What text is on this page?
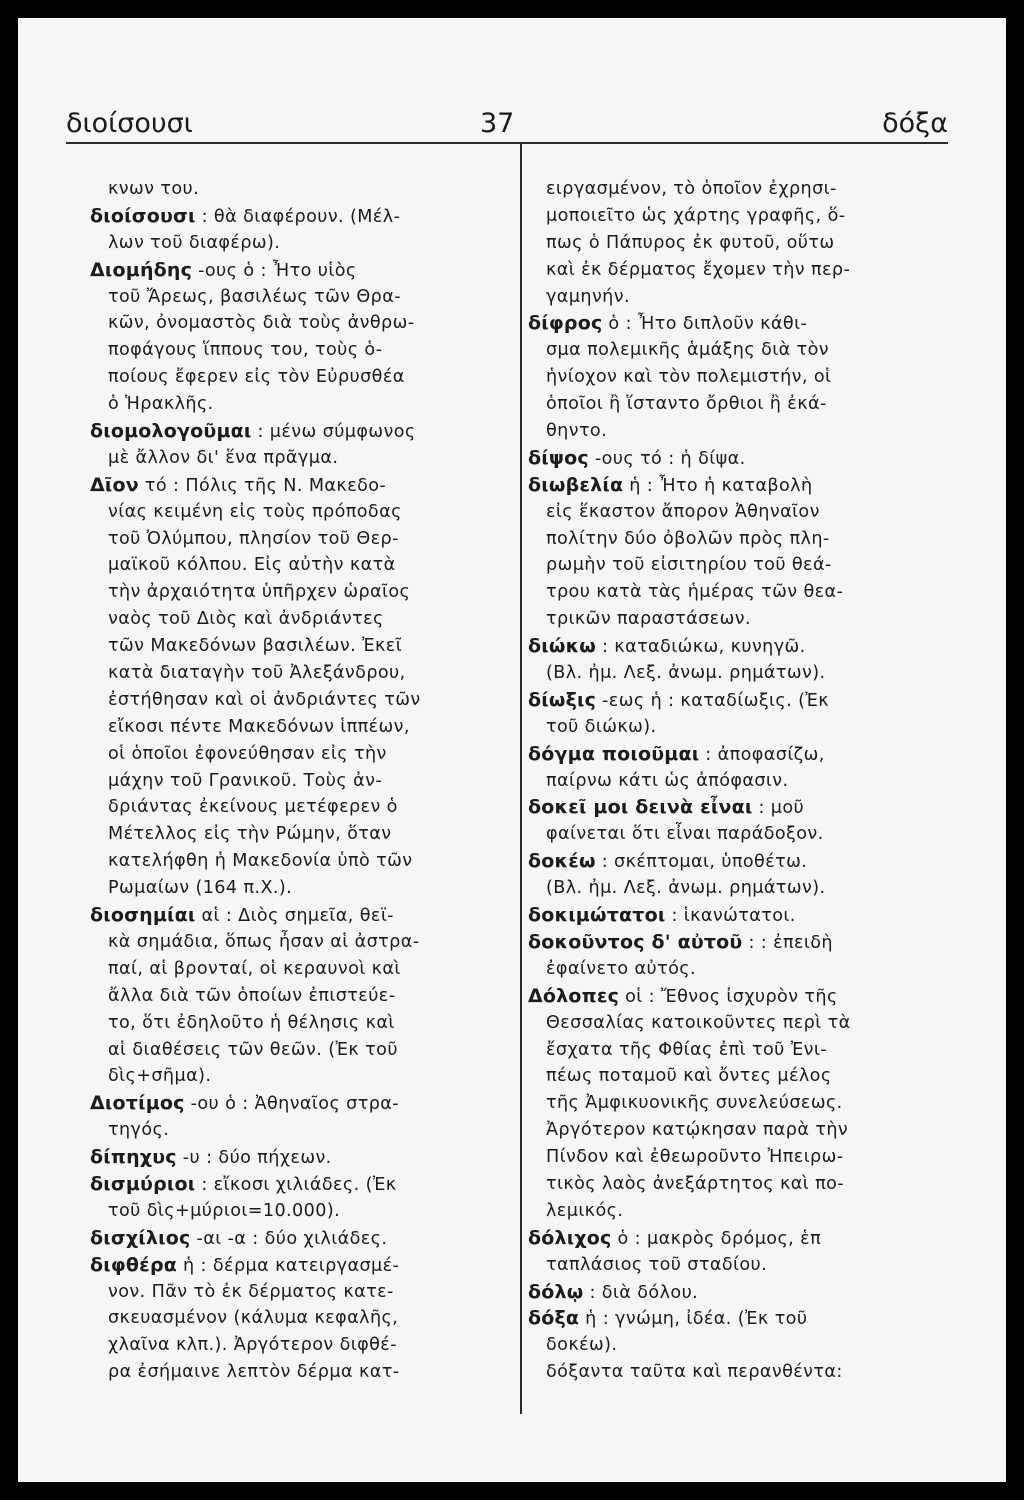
διοίσουσι	37	δόξα
κνων του.
διοίσουσι : θὰ διαφέρουν. (Μέλ-
λων τοῦ διαφέρω).
Διομήδης -ους ὁ : Ἦτο υἱὸς
τοῦ Ἄρεως, βασιλέως τῶν Θρα-
κῶν, ὀνομαστὸς διὰ τοὺς ἀνθρω-
ποφάγους ἵππους του, τοὺς ὁ-
ποίους ἔφερεν εἰς τὸν Εὐρυσθέα
ὁ Ἡρακλῆς.
διομολογοῦμαι : μένω σύμφωνος
μὲ ἄλλον δι' ἕνα πρᾶγμα.
Δῖον τό : Πόλις τῆς Ν. Μακεδο-
νίας κειμένη εἰς τοὺς πρόποδας
τοῦ Ὀλύμπου, πλησίον τοῦ Θερ-
μαϊκοῦ κόλπου. Εἰς αὐτὴν κατὰ
τὴν ἀρχαιότητα ὑπῆρχεν ὡραῖος
ναὸς τοῦ Διὸς καὶ ἀνδριάντες
τῶν Μακεδόνων βασιλέων. Ἐκεῖ
κατὰ διαταγὴν τοῦ Ἀλεξάνδρου,
ἐστήθησαν καὶ οἱ ἀνδριάντες τῶν
εἴκοσι πέντε Μακεδόνων ἱππέων,
οἱ ὁποῖοι ἐφονεύθησαν εἰς τὴν
μάχην τοῦ Γρανικοῦ. Τοὺς ἀν-
δριάντας ἐκείνους μετέφερεν ὁ
Μέτελλος εἰς τὴν Ρώμην, ὅταν
κατελήφθη ἡ Μακεδονία ὑπὸ τῶν
Ρωμαίων (164 π.Χ.).
διοσημίαι αἱ : Διὸς σημεῖα, θεϊ-
κὰ σημάδια, ὅπως ἦσαν αἱ ἀστρα-
παί, αἱ βρονταί, οἱ κεραυνοὶ καὶ
ἄλλα διὰ τῶν ὁποίων ἐπιστεύε-
το, ὅτι ἐδηλοῦτο ἡ θέλησις καὶ
αἱ διαθέσεις τῶν θεῶν. (Ἐκ τοῦ
δὶς+σῆμα).
Διοτίμος -ου ὁ : Ἀθηναῖος στρα-
τηγός.
δίπηχυς -υ : δύο πήχεων.
δισμύριοι : εἴκοσι χιλιάδες. (Ἐκ
τοῦ δὶς+μύριοι=10.000).
δισχίλιος -αι -α : δύο χιλιάδες.
διφθέρα ἡ : δέρμα κατειργασμέ-
νον. Πᾶν τὸ ἐκ δέρματος κατε-
σκευασμένον (κάλυμα κεφαλῆς,
χλαῖνα κλπ.). Ἀργότερον διφθέ-
ρα ἐσήμαινε λεπτὸν δέρμα κατ-
ειργασμένον, τὸ ὁποῖον ἐχρησι-
μοποιεῖτο ὡς χάρτης γραφῆς, ὅ-
πως ὁ Πάπυρος ἐκ φυτοῦ, οὕτω
καὶ ἐκ δέρματος ἔχομεν τὴν περ-
γαμηνήν.
δίφρος ὁ : Ἦτο διπλοῦν κάθι-
σμα πολεμικῆς ἁμάξης διὰ τὸν
ἡνίοχον καὶ τὸν πολεμιστήν, οἱ
ὁποῖοι ἢ ἵσταντο ὄρθιοι ἢ ἐκά-
θηντο.
δίψος -ους τό : ἡ δίψα.
διωβελία ἡ : Ἦτο ἡ καταβολὴ
εἰς ἕκαστον ἄπορον Ἀθηναῖον
πολίτην δύο ὀβολῶν πρὸς πλη-
ρωμὴν τοῦ εἰσιτηρίου τοῦ θεά-
τρου κατὰ τὰς ἡμέρας τῶν θεα-
τρικῶν παραστάσεων.
διώκω : καταδιώκω, κυνηγῶ.
(Βλ. ἠμ. Λεξ. ἀνωμ. ρημάτων).
δίωξις -εως ἡ : καταδίωξις. (Ἐκ
τοῦ διώκω).
δόγμα ποιοῦμαι : ἀποφασίζω,
παίρνω κάτι ὡς ἀπόφασιν.
δοκεῖ μοι δεινὰ εἶναι : μοῦ
φαίνεται ὅτι εἶναι παράδοξον.
δοκέω : σκέπτομαι, ὑποθέτω.
(Βλ. ἠμ. Λεξ. ἀνωμ. ρημάτων).
δοκιμώτατοι : ἱκανώτατοι.
δοκοῦντος δ' αὐτοῦ : : ἐπειδὴ
ἐφαίνετο αὐτός.
Δόλοπες οἱ : Ἔθνος ἰσχυρὸν τῆς
Θεσσαλίας κατοικοῦντες περὶ τὰ
ἔσχατα τῆς Φθίας ἐπὶ τοῦ Ἐνι-
πέως ποταμοῦ καὶ ὄντες μέλος
τῆς Ἀμφικυονικῆς συνελεύσεως.
Ἀργότερον κατῴκησαν παρὰ τὴν
Πίνδον καὶ ἐθεωροῦντο Ἠπειρω-
τικὸς λαὸς ἀνεξάρτητος καὶ πο-
λεμικός.
δόλιχος ὁ : μακρὸς δρόμος, ἑπ
ταπλάσιος τοῦ σταδίου.
δόλῳ : διὰ δόλου.
δόξα ἡ : γνώμη, ἰδέα. (Ἐκ τοῦ
δοκέω).
δόξαντα ταῦτα καὶ περανθέντα:
